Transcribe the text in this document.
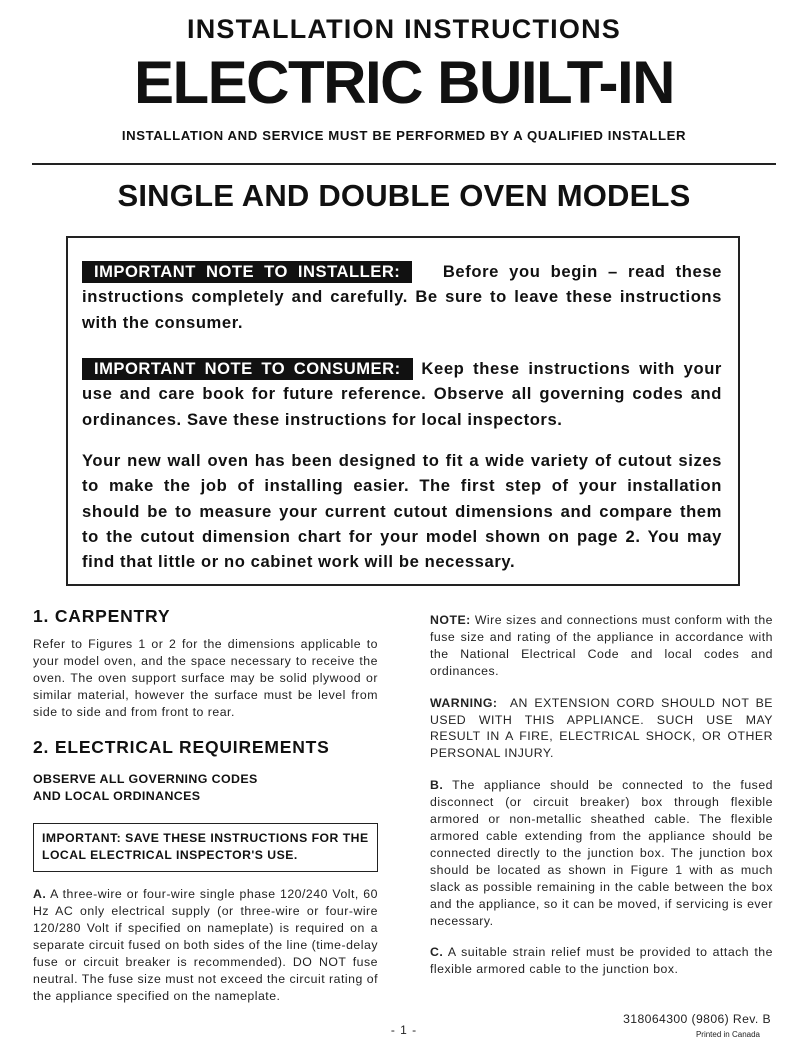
INSTALLATION INSTRUCTIONS
ELECTRIC BUILT-IN
INSTALLATION AND SERVICE MUST BE PERFORMED BY A QUALIFIED INSTALLER
SINGLE AND DOUBLE OVEN MODELS

IMPORTANT NOTE TO INSTALLER:	Before you begin – read these instructions completely and carefully. Be sure to leave these instructions with the consumer.

IMPORTANT NOTE TO CONSUMER: Keep these instructions with your use and care book for future reference. Observe all governing codes and ordinances. Save these instructions for local inspectors.

Your new wall oven has been designed to fit a wide variety of cutout sizes to make the job of installing easier. The first step of your installation should be to measure your current cutout dimensions and compare them to the cutout dimension chart for your model shown on page 2. You may find that little or no cabinet work will be necessary.

1. CARPENTRY

Refer to Figures 1 or 2 for the dimensions applicable to your model oven, and the space necessary to receive the oven. The oven support surface may be solid plywood or similar material, however the surface must be level from side to side and from front to rear.

2. ELECTRICAL REQUIREMENTS

OBSERVE ALL GOVERNING CODES

AND LOCAL ORDINANCES

IMPORTANT: SAVE THESE INSTRUCTIONS FOR THE LOCAL ELECTRICAL INSPECTOR'S USE.

A. A three-wire or four-wire single phase 120/240 Volt, 60 Hz AC only electrical supply (or three-wire or four-wire 120/280 Volt if specified on nameplate) is required on a separate circuit fused on both sides of the line (time-delay fuse or circuit breaker is recommended). DO NOT fuse neutral. The fuse size must not exceed the circuit rating of the appliance specified on the nameplate.

NOTE: Wire sizes and connections must conform with the fuse size and rating of the appliance in accordance with the National Electrical Code and local codes and ordinances.

WARNING: AN EXTENSION CORD SHOULD NOT BE USED WITH THIS APPLIANCE. SUCH USE MAY RESULT IN A FIRE, ELECTRICAL SHOCK, OR OTHER PERSONAL INJURY.

B. The appliance should be connected to the fused disconnect (or circuit breaker) box through flexible armored or non-metallic sheathed cable. The flexible armored cable extending from the appliance should be connected directly to the junction box. The junction box should be located as shown in Figure 1 with as much slack as possible remaining in the cable between the box and the appliance, so it can be moved, if servicing is ever necessary.

C. A suitable strain relief must be provided to attach the flexible armored cable to the junction box.

- 1 -
318064300 (9806) Rev. B
Printed in Canada
